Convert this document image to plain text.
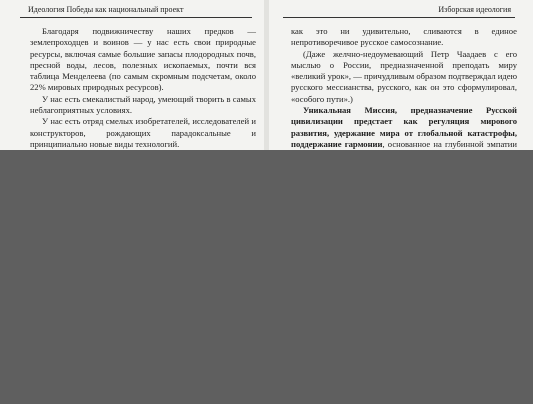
Идеология Победы как национальный проект

Благодаря подвижничеству наших предков — землепроходцев и воинов — у нас есть свои природные ресурсы, включая самые большие запасы плодородных почв, пресной воды, лесов, полезных ископаемых, почти вся таблица Менделеева (по самым скромным подсчетам, около 22% мировых природных ресурсов).

У нас есть смекалистый народ, умеющий творить в самых неблагоприятных условиях.

У нас есть отряд смелых изобретателей, исследователей и конструкторов, рождающих парадоксальные и принципиально новые виды технологий.

Изборская идеология

как это ни удивительно, сливаются в единое непротиворечивое русское самосознание.

(Даже желчно-недоумевающий Петр Чаадаев с его мыслью о России, предназначенной преподать миру «великий урок», — причудливым образом подтверждал идею русского мессианства, русского, как он это сформулировал, «особого пути».)

Уникальная Миссия, предназначение Русской цивилизации предстает как регуляция мирового развития, удержание мира от глобальной катастрофы, поддержание гармонии, основанное на глубинной эмпатии
